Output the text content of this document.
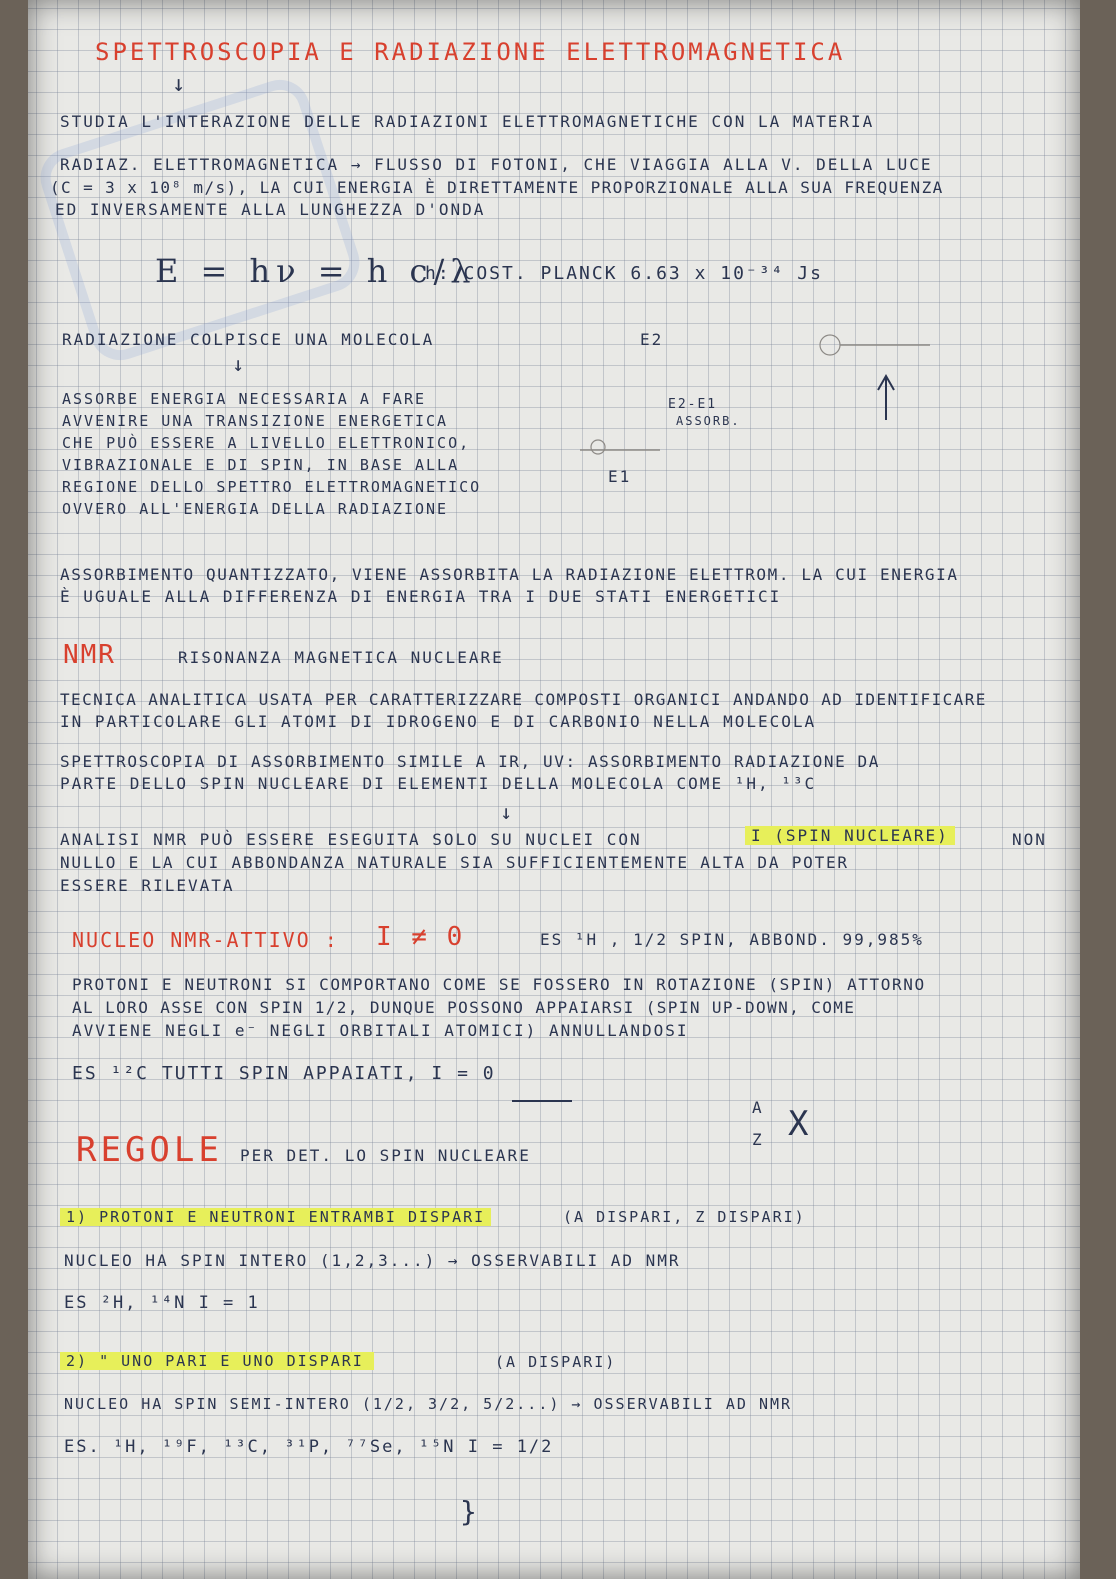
SPETTROSCOPIA E RADIAZIONE ELETTROMAGNETICA
↓
STUDIA L'INTERAZIONE DELLE RADIAZIONI ELETTROMAGNETICHE CON LA MATERIA
RADIAZ. ELETTROMAGNETICA → FLUSSO DI FOTONI, CHE VIAGGIA ALLA V. DELLA LUCE
(C = 3 x 10⁸ m/s), LA CUI ENERGIA È DIRETTAMENTE PROPORZIONALE ALLA SUA FREQUENZA
ED INVERSAMENTE ALLA LUNGHEZZA D'ONDA
E = hν = h c/λ
h: COST. PLANCK 6.63 x 10⁻³⁴ Js
RADIAZIONE COLPISCE UNA MOLECOLA
↓
ASSORBE ENERGIA NECESSARIA A FARE
AVVENIRE UNA TRANSIZIONE ENERGETICA
CHE PUÒ ESSERE A LIVELLO ELETTRONICO,
VIBRAZIONALE E DI SPIN, IN BASE ALLA
REGIONE DELLO SPETTRO ELETTROMAGNETICO
OVVERO ALL'ENERGIA DELLA RADIAZIONE
E2
E1
E2-E1
ASSORB.
ASSORBIMENTO QUANTIZZATO, VIENE ASSORBITA LA RADIAZIONE ELETTROM. LA CUI ENERGIA
È UGUALE ALLA DIFFERENZA DI ENERGIA TRA I DUE STATI ENERGETICI
NMR	RISONANZA MAGNETICA NUCLEARE
TECNICA ANALITICA USATA PER CARATTERIZZARE COMPOSTI ORGANICI ANDANDO AD IDENTIFICARE
IN PARTICOLARE GLI ATOMI DI IDROGENO E DI CARBONIO NELLA MOLECOLA
SPETTROSCOPIA DI ASSORBIMENTO SIMILE A IR, UV: ASSORBIMENTO RADIAZIONE DA
PARTE DELLO SPIN NUCLEARE DI ELEMENTI DELLA MOLECOLA COME ¹H, ¹³C
↓
ANALISI NMR PUÒ ESSERE ESEGUITA SOLO SU NUCLEI CON	I (SPIN NUCLEARE)	NON
NULLO E LA CUI ABBONDANZA NATURALE SIA SUFFICIENTEMENTE ALTA DA POTER
ESSERE RILEVATA
NUCLEO NMR-ATTIVO : I ≠ 0	ES ¹H , 1/2 SPIN, ABBOND. 99,985%
PROTONI E NEUTRONI SI COMPORTANO COME SE FOSSERO IN ROTAZIONE (SPIN) ATTORNO
AL LORO ASSE CON SPIN 1/2, DUNQUE POSSONO APPAIARSI (SPIN UP-DOWN, COME
AVVIENE NEGLI e⁻ NEGLI ORBITALI ATOMICI) ANNULLANDOSI
ES ¹²C TUTTI SPIN APPAIATI, I = 0
A
Z X
REGOLE PER DET. LO SPIN NUCLEARE
1) PROTONI E NEUTRONI ENTRAMBI DISPARI	(A DISPARI, Z DISPARI)
NUCLEO HA SPIN INTERO (1,2,3...) → OSSERVABILI AD NMR
ES ²H, ¹⁴N I = 1
2) " UNO PARI E UNO DISPARI	(A DISPARI)
NUCLEO HA SPIN SEMI-INTERO (1/2, 3/2, 5/2...) → OSSERVABILI AD NMR
ES. ¹H, ¹⁹F, ¹³C, ³¹P, ⁷⁷Se, ¹⁵N I = 1/2
}
